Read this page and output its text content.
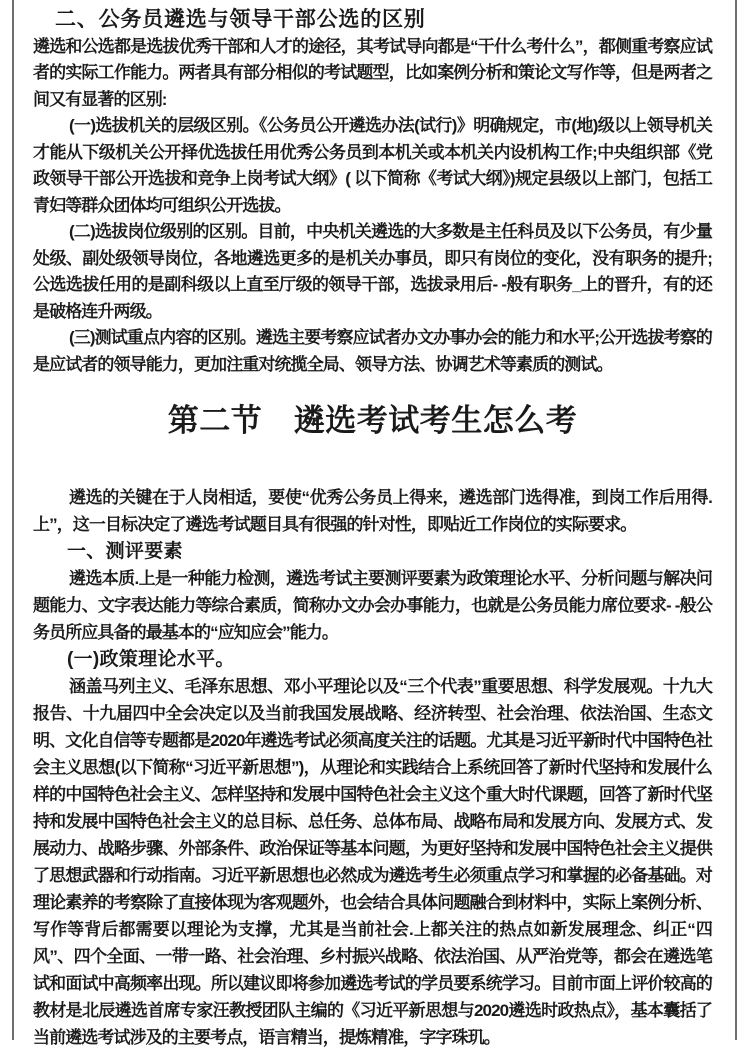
二、公务员遴选与领导干部公选的区别

遴选和公选都是选拔优秀干部和人才的途径，其考试导向都是“干什么考什么”，都侧重考察应试者的实际工作能力。两者具有部分相似的考试题型，比如案例分析和策论文写作等，但是两者之间又有显著的区别:

(一)选拔机关的层级区别。《公务员公开遴选办法(试行)》明确规定，市(地)级以上领导机关才能从下级机关公开择优选拔任用优秀公务员到本机关或本机关内设机构工作;中央组织部《党政领导干部公开选拔和竞争上岗考试大纲》( 以下简称《考试大纲》)规定县级以上部门，包括工青妇等群众团体均可组织公开选拔。

(二)选拔岗位级别的区别。目前，中央机关遴选的大多数是主任科员及以下公务员，有少量处级、副处级领导岗位，各地遴选更多的是机关办事员，即只有岗位的变化，没有职务的提升;公选选拔任用的是副科级以上直至厅级的领导干部，选拔录用后- -般有职务_上的晋升，有的还是破格连升两级。

(三)测试重点内容的区别。遴选主要考察应试者办文办事办会的能力和水平;公开选拔考察的是应试者的领导能力，更加注重对统揽全局、领导方法、协调艺术等素质的测试。

第二节　遴选考试考生怎么考

遴选的关键在于人岗相适，要使“优秀公务员上得来，遴选部门选得准，到岗工作后用得.上”，这一目标决定了遴选考试题目具有很强的针对性，即贴近工作岗位的实际要求。

一、测评要素

遴选本质.上是一种能力检测，遴选考试主要测评要素为政策理论水平、分析问题与解决问题能力、文字表达能力等综合素质，简称办文办会办事能力，也就是公务员能力席位要求- -般公务员所应具备的最基本的“应知应会”能力。

(一)政策理论水平。

涵盖马列主义、毛泽东思想、邓小平理论以及“三个代表”重要思想、科学发展观。十九大报告、十九届四中全会决定以及当前我国发展战略、经济转型、社会治理、依法治国、生态文明、文化自信等专题都是2020年遴选考试必须高度关注的话题。尤其是习近平新时代中国特色社会主义思想(以下简称“习近平新思想”)，从理论和实践结合上系统回答了新时代坚持和发展什么样的中国特色社会主义、怎样坚持和发展中国特色社会主义这个重大时代课题，回答了新时代坚持和发展中国特色社会主义的总目标、总任务、总体布局、战略布局和发展方向、发展方式、发展动力、战略步骤、外部条件、政治保证等基本问题，为更好坚持和发展中国特色社会主义提供了思想武器和行动指南。习近平新思想也必然成为遴选考生必须重点学习和掌握的必备基础。对理论素养的考察除了直接体现为客观题外，也会结合具体问题融合到材料中，实际上案例分析、写作等背后都需要以理论为支撑，尤其是当前社会.上都关注的热点如新发展理念、纠正“四风”、四个全面、一带一路、社会治理、乡村振兴战略、依法治国、从严治党等，都会在遴选笔试和面试中高频率出现。所以建议即将参加遴选考试的学员要系统学习。目前市面上评价较高的教材是北辰遴选首席专家汪教授团队主编的《习近平新思想与2020遴选时政热点》，基本囊括了当前遴选考试涉及的主要考点，语言精当，提炼精准，字字珠玑。
